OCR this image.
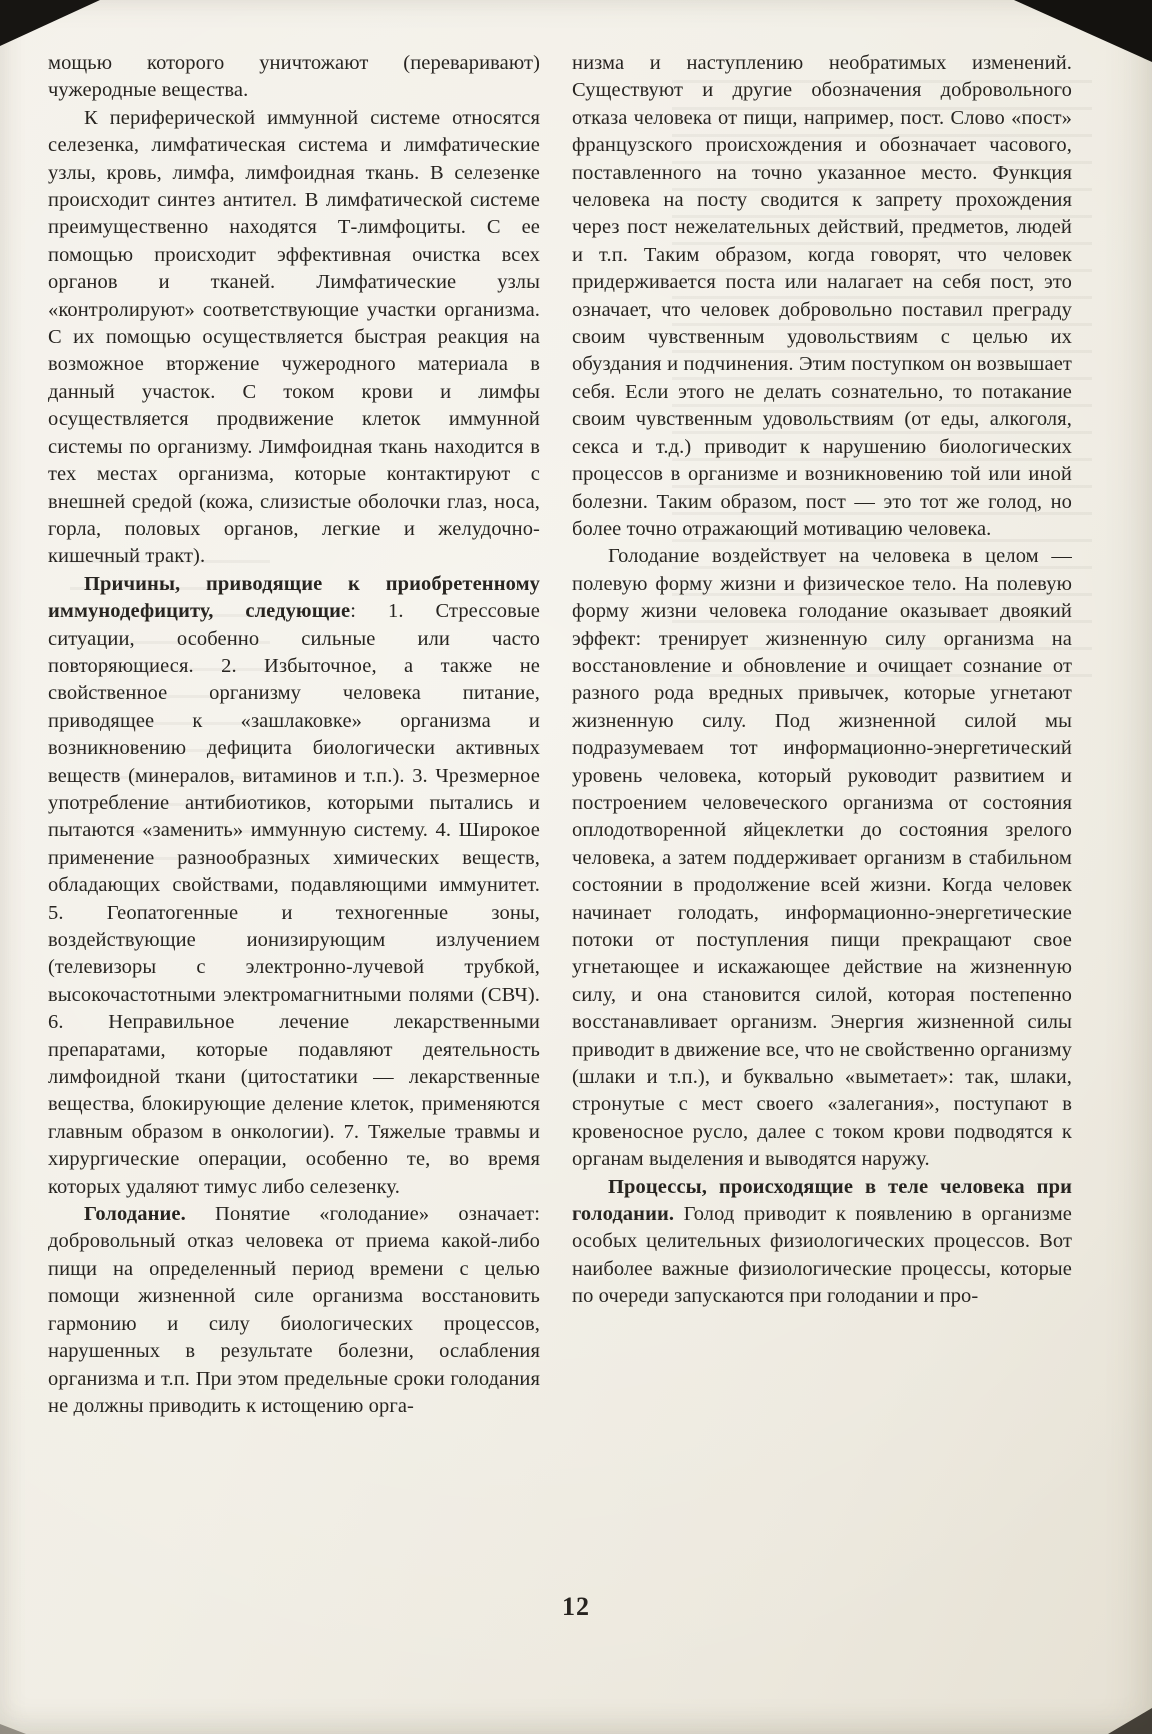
мощью которого уничтожают (переваривают) чужеродные вещества.

К периферической иммунной системе относятся селезенка, лимфатическая система и лимфатические узлы, кровь, лимфа, лимфоидная ткань. В селезенке происходит синтез антител. В лимфатической системе преимущественно находятся Т-лимфоциты. С ее помощью происходит эффективная очистка всех органов и тканей. Лимфатические узлы «контролируют» соответствующие участки организма. С их помощью осуществляется быстрая реакция на возможное вторжение чужеродного материала в данный участок. С током крови и лимфы осуществляется продвижение клеток иммунной системы по организму. Лимфоидная ткань находится в тех местах организма, которые контактируют с внешней средой (кожа, слизистые оболочки глаз, носа, горла, половых органов, легкие и желудочно-кишечный тракт).

Причины, приводящие к приобретенному иммунодефициту, следующие: 1. Стрессовые ситуации, особенно сильные или часто повторяющиеся. 2. Избыточное, а также не свойственное организму человека питание, приводящее к «зашлаковке» организма и возникновению дефицита биологически активных веществ (минералов, витаминов и т.п.). 3. Чрезмерное употребление антибиотиков, которыми пытались и пытаются «заменить» иммунную систему. 4. Широкое применение разнообразных химических веществ, обладающих свойствами, подавляющими иммунитет. 5. Геопатогенные и техногенные зоны, воздействующие ионизирующим излучением (телевизоры с электронно-лучевой трубкой, высокочастотными электромагнитными полями (СВЧ). 6. Неправильное лечение лекарственными препаратами, которые подавляют деятельность лимфоидной ткани (цитостатики — лекарственные вещества, блокирующие деление клеток, применяются главным образом в онкологии). 7. Тяжелые травмы и хирургические операции, особенно те, во время которых удаляют тимус либо селезенку.

Голодание. Понятие «голодание» означает: добровольный отказ человека от приема какой-либо пищи на определенный период времени с целью помощи жизненной силе организма восстановить гармонию и силу биологических процессов, нарушенных в результате болезни, ослабления организма и т.п. При этом предельные сроки голодания не должны приводить к истощению орга-

низма и наступлению необратимых изменений. Существуют и другие обозначения добровольного отказа человека от пищи, например, пост. Слово «пост» французского происхождения и обозначает часового, поставленного на точно указанное место. Функция человека на посту сводится к запрету прохождения через пост нежелательных действий, предметов, людей и т.п. Таким образом, когда говорят, что человек придерживается поста или налагает на себя пост, это означает, что человек добровольно поставил преграду своим чувственным удовольствиям с целью их обуздания и подчинения. Этим поступком он возвышает себя. Если этого не делать сознательно, то потакание своим чувственным удовольствиям (от еды, алкоголя, секса и т.д.) приводит к нарушению биологических процессов в организме и возникновению той или иной болезни. Таким образом, пост — это тот же голод, но более точно отражающий мотивацию человека.

Голодание воздействует на человека в целом — полевую форму жизни и физическое тело. На полевую форму жизни человека голодание оказывает двоякий эффект: тренирует жизненную силу организма на восстановление и обновление и очищает сознание от разного рода вредных привычек, которые угнетают жизненную силу. Под жизненной силой мы подразумеваем тот информационно-энергетический уровень человека, который руководит развитием и построением человеческого организма от состояния оплодотворенной яйцеклетки до состояния зрелого человека, а затем поддерживает организм в стабильном состоянии в продолжение всей жизни. Когда человек начинает голодать, информационно-энергетические потоки от поступления пищи прекращают свое угнетающее и искажающее действие на жизненную силу, и она становится силой, которая постепенно восстанавливает организм. Энергия жизненной силы приводит в движение все, что не свойственно организму (шлаки и т.п.), и буквально «выметает»: так, шлаки, стронутые с мест своего «залегания», поступают в кровеносное русло, далее с током крови подводятся к органам выделения и выводятся наружу.

Процессы, происходящие в теле человека при голодании. Голод приводит к появлению в организме особых целительных физиологических процессов. Вот наиболее важные физиологические процессы, которые по очереди запускаются при голодании и про-

12
